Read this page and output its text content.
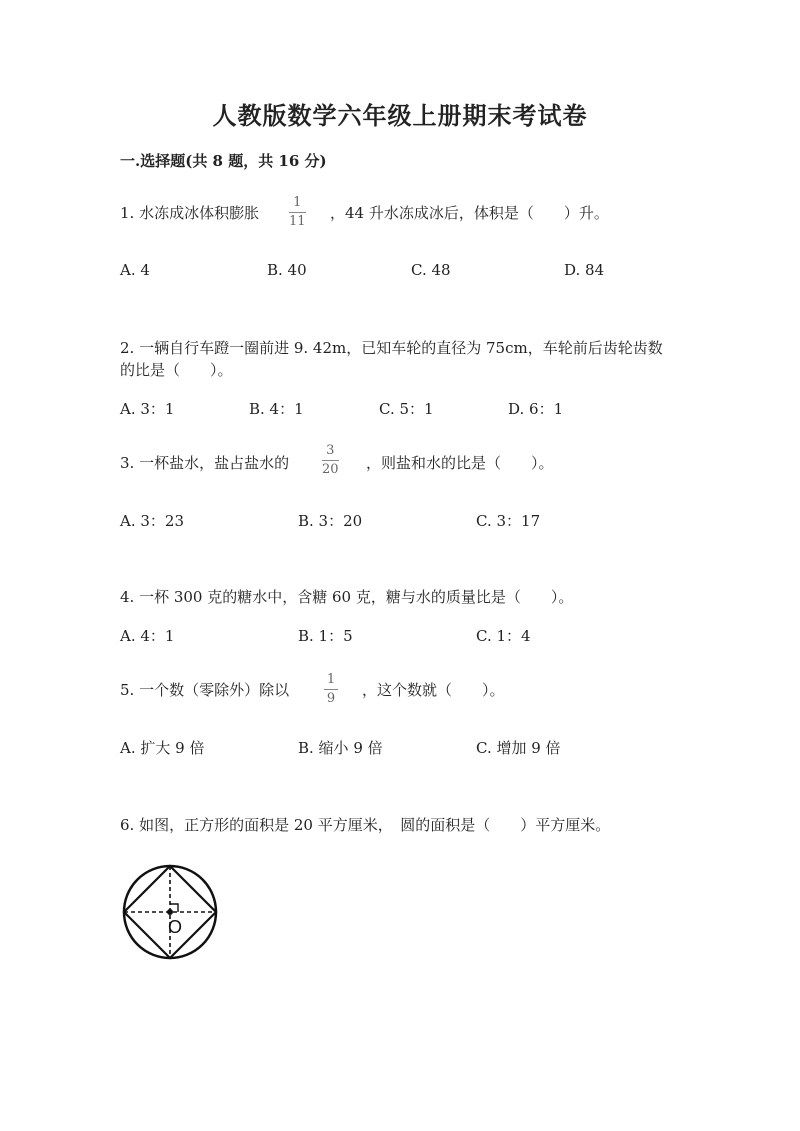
人教版数学六年级上册期末考试卷
一.选择题(共 8 题，共 16 分)
1. 水冻成冰体积膨胀
1
11 ，44 升水冻成冰后，体积是（　　）升。
A. 4	B. 40	C. 48	D. 84
2. 一辆自行车蹬一圈前进 9. 42m，已知车轮的直径为 75cm，车轮前后齿轮齿数
的比是（　　）。
A. 3：1	B. 4：1	C. 5：1	D. 6：1
3. 一杯盐水，盐占盐水的
3
20 ，则盐和水的比是（　　）。
A. 3：23	B. 3：20	C. 3：17
4. 一杯 300 克的糖水中，含糖 60 克，糖与水的质量比是（　　）。
A. 4：1	B. 1：5	C. 1：4
5. 一个数（零除外）除以
1
9 ，这个数就（　　）。
A. 扩大 9 倍	B. 缩小 9 倍	C. 增加 9 倍
6. 如图，正方形的面积是 20 平方厘米，　圆的面积是（　　）平方厘米。
O
